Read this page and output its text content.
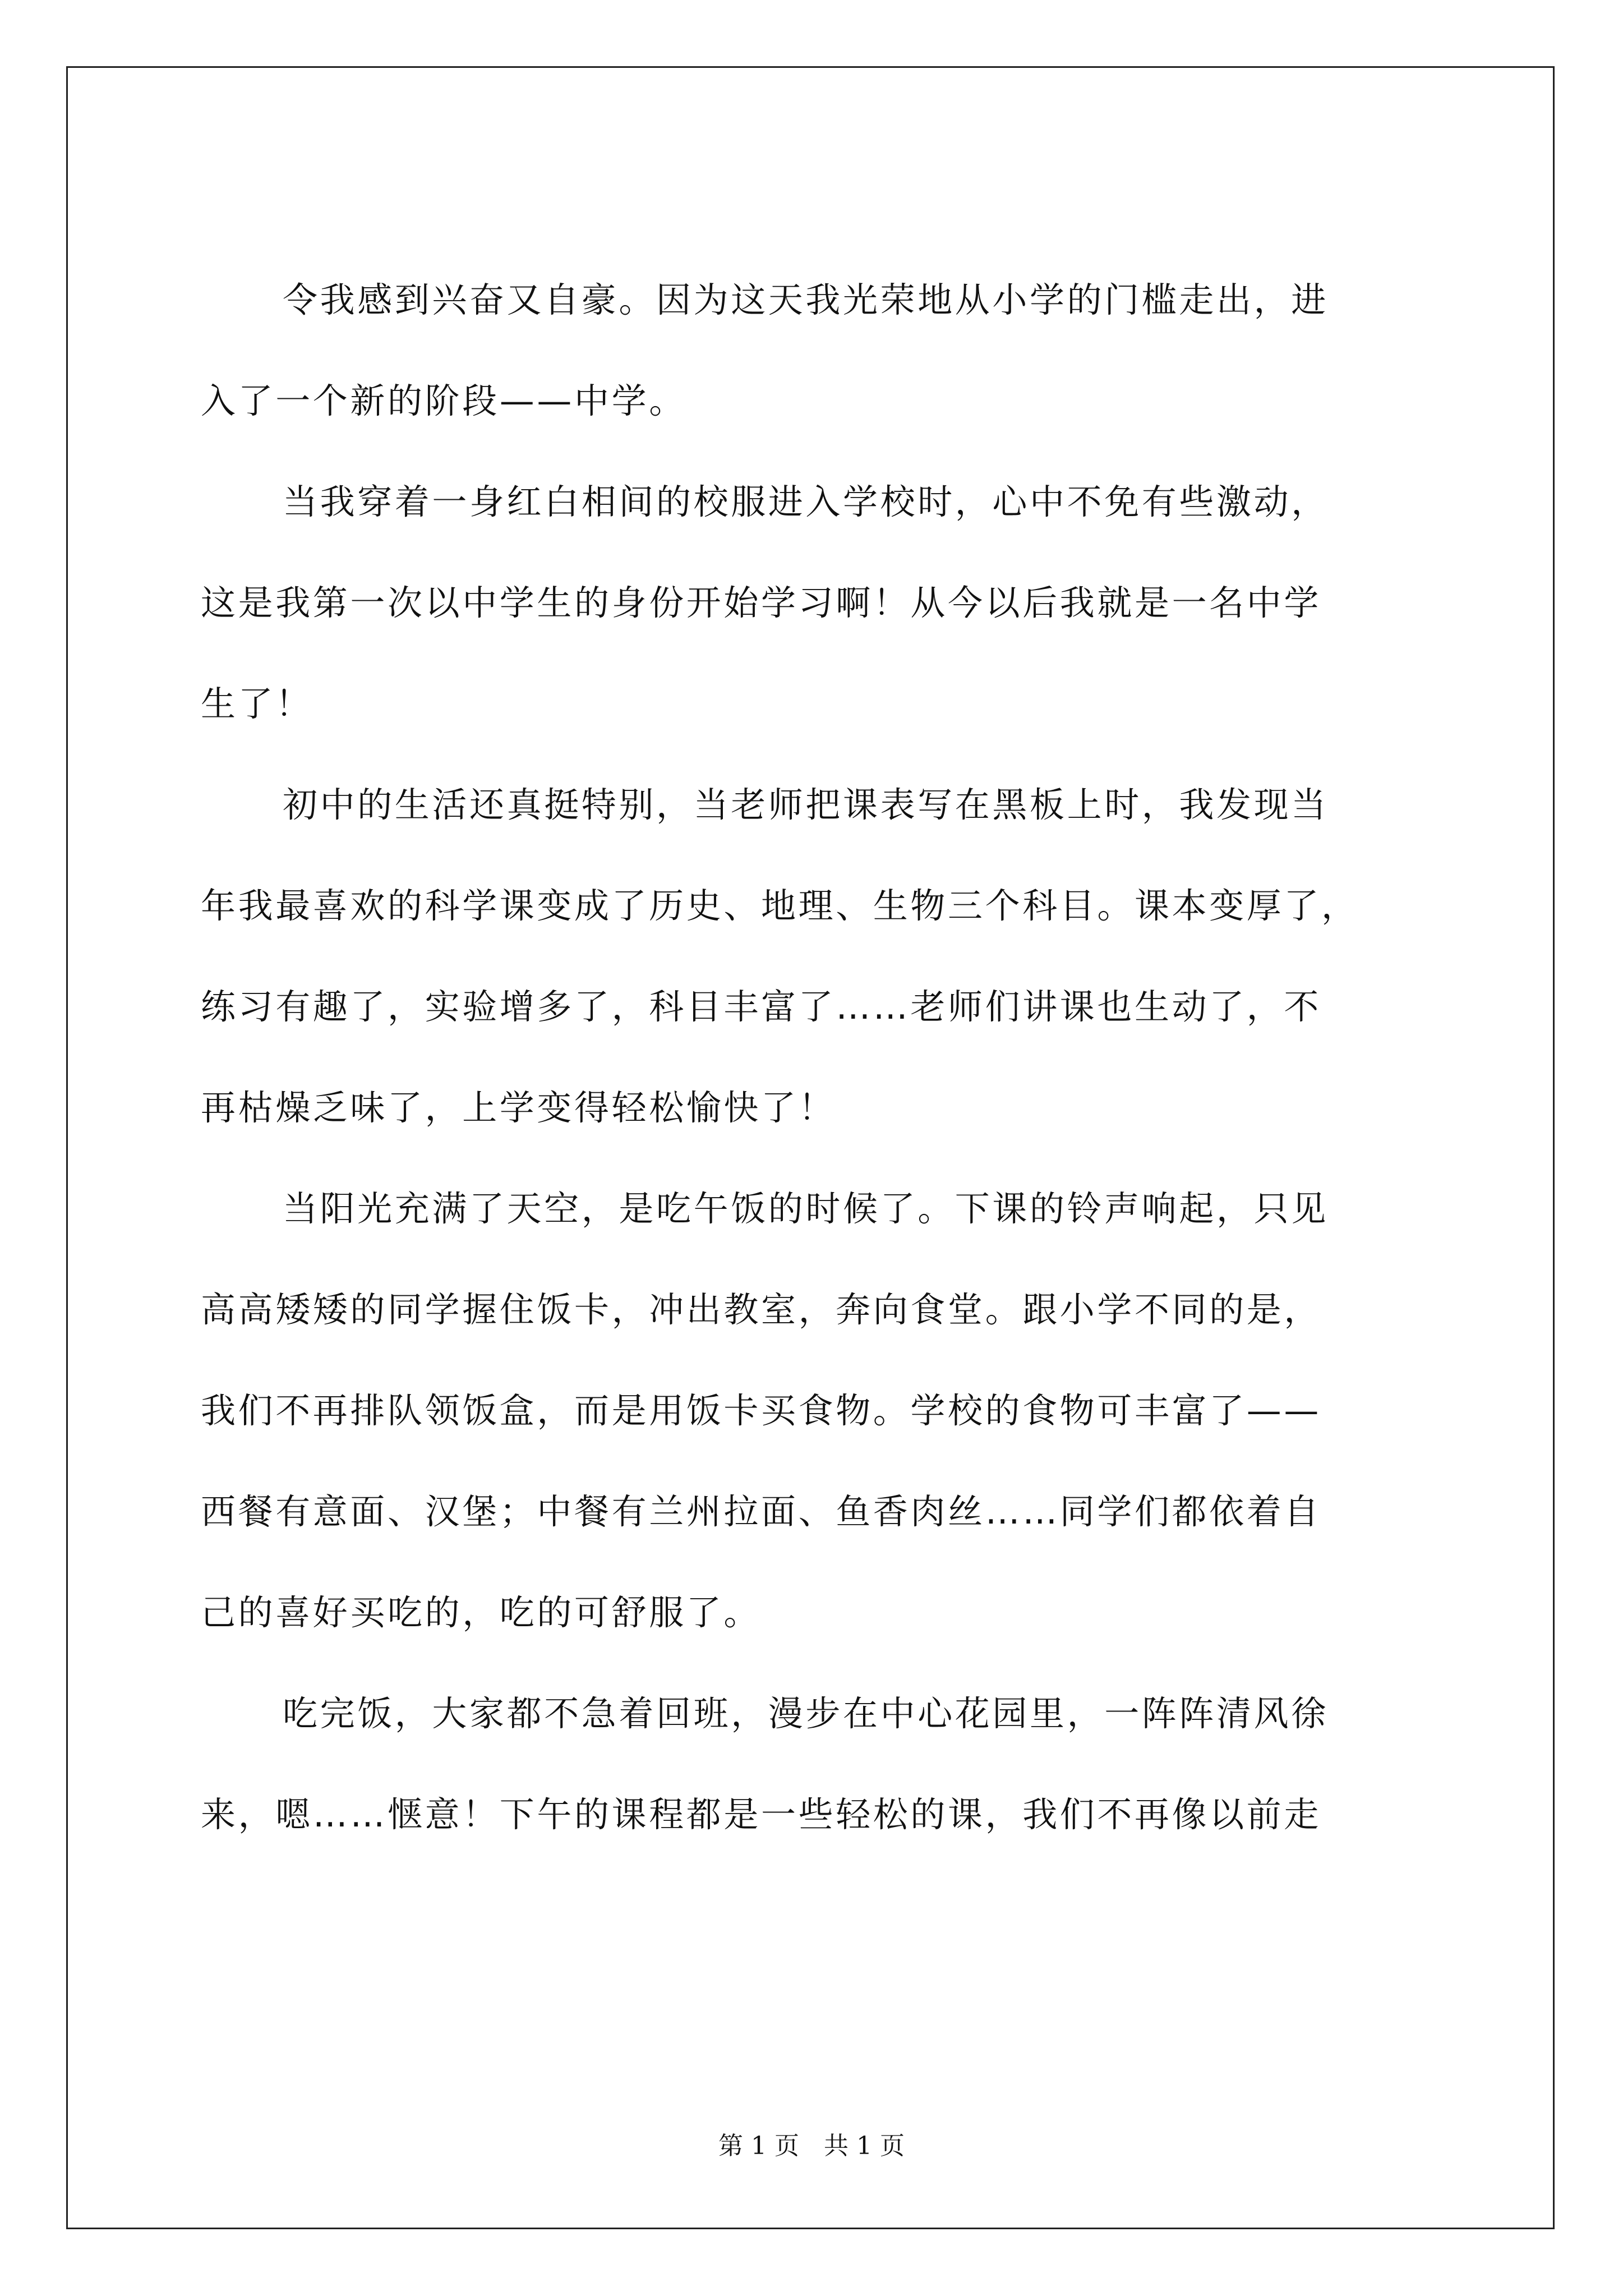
令我感到兴奋又自豪。因为这天我光荣地从小学的门槛走出，进
入了一个新的阶段——中学。
当我穿着一身红白相间的校服进入学校时，心中不免有些激动，
这是我第一次以中学生的身份开始学习啊！从今以后我就是一名中学
生了！
初中的生活还真挺特别，当老师把课表写在黑板上时，我发现当
年我最喜欢的科学课变成了历史、地理、生物三个科目。课本变厚了，
练习有趣了，实验增多了，科目丰富了……老师们讲课也生动了，不
再枯燥乏味了，上学变得轻松愉快了！
当阳光充满了天空，是吃午饭的时候了。下课的铃声响起，只见
高高矮矮的同学握住饭卡，冲出教室，奔向食堂。跟小学不同的是，
我们不再排队领饭盒，而是用饭卡买食物。学校的食物可丰富了——
西餐有意面、汉堡；中餐有兰州拉面、鱼香肉丝……同学们都依着自
己的喜好买吃的，吃的可舒服了。
吃完饭，大家都不急着回班，漫步在中心花园里，一阵阵清风徐
来，嗯……惬意！下午的课程都是一些轻松的课，我们不再像以前走
第 1 页　共 1 页
